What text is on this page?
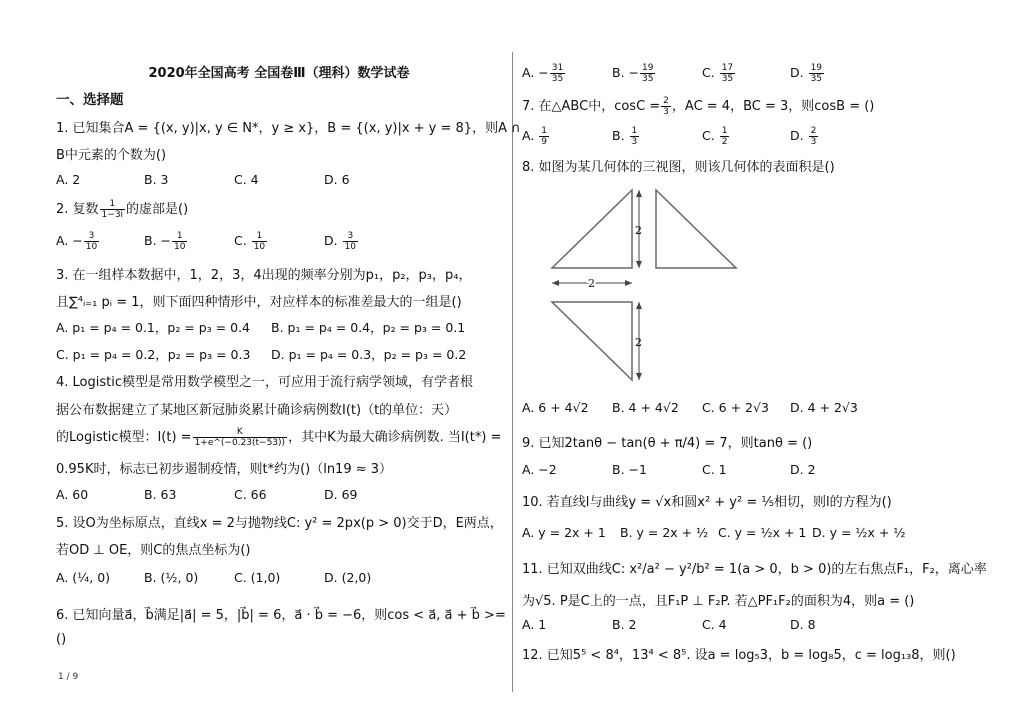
2020年全国高考 全国卷Ⅲ（理科）数学试卷
一、选择题
1. 已知集合A = {(x, y)|x, y ∈ N*，y ≥ x}，B = {(x, y)|x + y = 8}，则A ∩
B中元素的个数为()
A. 2	B. 3	C. 4	D. 6
2. 复数 $\frac{1}{1-3i}$ 的虚部是()
A. − $\frac{3}{10}$	B. − $\frac{1}{10}$	C. $\frac{1}{10}$	D. $\frac{3}{10}$
3. 在一组样本数据中，1，2，3，4出现的频率分别为p₁，p₂，p₃，p₄，
且∑⁴ᵢ₌₁ pᵢ = 1，则下面四种情形中，对应样本的标准差最大的一组是()
A. p₁ = p₄ = 0.1，p₂ = p₃ = 0.4 B. p₁ = p₄ = 0.4，p₂ = p₃ = 0.1
C. p₁ = p₄ = 0.2，p₂ = p₃ = 0.3 D. p₁ = p₄ = 0.3，p₂ = p₃ = 0.2
4. Logistic模型是常用数学模型之一，可应用于流行病学领域，有学者根
据公布数据建立了某地区新冠肺炎累计确诊病例数I(t)（t的单位：天）
的Logistic模型：$I(t) = \frac{K}{1+e\^{}(-0.23(t-53))}$ ，其中K为最大确诊病例数. 当I(t*) =
0.95K时，标志已初步遏制疫情，则t*约为()（ln19 ≈ 3）
A. 60	B. 63	C. 66	D. 69
5. 设O为坐标原点，直线x = 2与抛物线C: y² = 2px(p > 0)交于D，E两点，
若OD ⊥ OE，则C的焦点坐标为()
A. (¼, 0)	B. (½, 0)	C. (1,0)	D. (2,0)
6. 已知向量a⃗，b⃗满足|a⃗| = 5，|b⃗| = 6，a⃗ · b⃗ = −6，则cos < a⃗, a⃗ + b⃗ >=
()
A. − $\frac{31}{35}$	B. − $\frac{19}{35}$	C. $\frac{17}{35}$	D. $\frac{19}{35}$
7. 在△ABC中，$\cos C = \frac{2}{3}$ ，AC = 4，BC = 3，则cosB = ()
A. $\frac{1}{9}$	B. $\frac{1}{3}$	C. $\frac{1}{2}$	D. $\frac{2}{3}$
8. 如图为某几何体的三视图，则该几何体的表面积是()
2
2
2
A. 6 + 4√2 B. 4 + 4√2 C. 6 + 2√3 D. 4 + 2√3
9. 已知2tanθ − tan(θ + π/4) = 7，则tanθ = ()
A. −2	B. −1	C. 1	D. 2
10. 若直线l与曲线y = √x和圆x² + y² = ⅕相切，则l的方程为()
A. y = 2x + 1 B. y = 2x + ½ C. y = ½x + 1 D. y = ½x + ½
11. 已知双曲线C: x²/a² − y²/b² = 1(a > 0，b > 0)的左右焦点F₁，F₂，离心率
为√5. P是C上的一点，且F₁P ⊥ F₂P. 若△PF₁F₂的面积为4，则a = ()
A. 1	B. 2	C. 4	D. 8
12. 已知5⁵ < 8⁴，13⁴ < 8⁵. 设a = log₅3，b = log₈5，c = log₁₃8，则()
1 / 9
